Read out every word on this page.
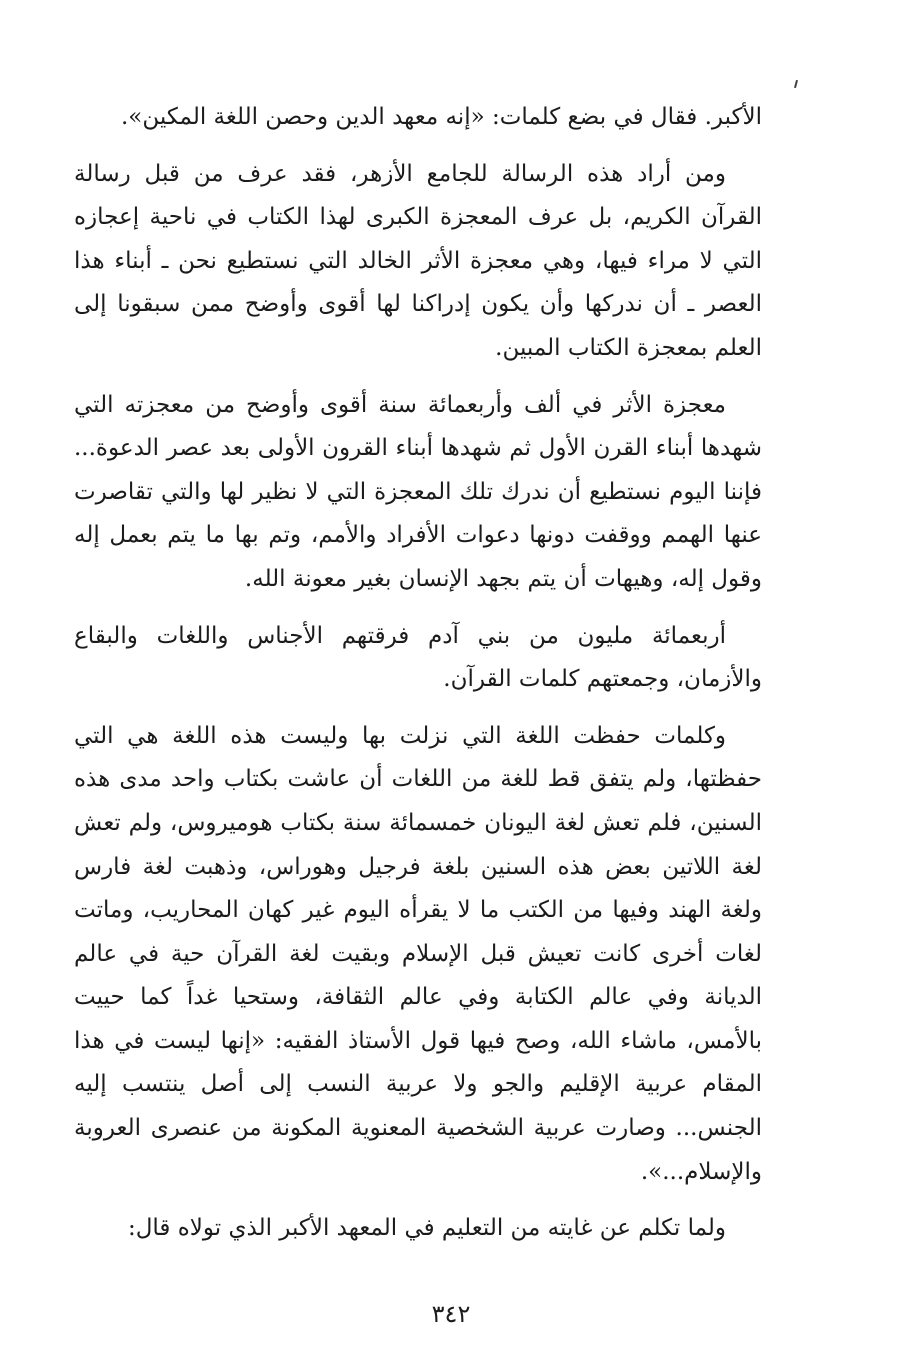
الأكبر. فقال في بضع كلمات: «إنه معهد الدين وحصن اللغة المكين».

ومن أراد هذه الرسالة للجامع الأزهر، فقد عرف من قبل رسالة القرآن الكريم، بل عرف المعجزة الكبرى لهذا الكتاب في ناحية إعجازه التي لا مراء فيها، وهي معجزة الأثر الخالد التي نستطيع نحن ـ أبناء هذا العصر ـ أن ندركها وأن يكون إدراكنا لها أقوى وأوضح ممن سبقونا إلى العلم بمعجزة الكتاب المبين.

معجزة الأثر في ألف وأربعمائة سنة أقوى وأوضح من معجزته التي شهدها أبناء القرن الأول ثم شهدها أبناء القرون الأولى بعد عصر الدعوة... فإننا اليوم نستطيع أن ندرك تلك المعجزة التي لا نظير لها والتي تقاصرت عنها الهمم ووقفت دونها دعوات الأفراد والأمم، وتم بها ما يتم بعمل إله وقول إله، وهيهات أن يتم بجهد الإنسان بغير معونة الله.

أربعمائة مليون من بني آدم فرقتهم الأجناس واللغات والبقاع والأزمان، وجمعتهم كلمات القرآن.

وكلمات حفظت اللغة التي نزلت بها وليست هذه اللغة هي التي حفظتها، ولم يتفق قط للغة من اللغات أن عاشت بكتاب واحد مدى هذه السنين، فلم تعش لغة اليونان خمسمائة سنة بكتاب هوميروس، ولم تعش لغة اللاتين بعض هذه السنين بلغة فرجيل وهوراس، وذهبت لغة فارس ولغة الهند وفيها من الكتب ما لا يقرأه اليوم غير كهان المحاريب، وماتت لغات أخرى كانت تعيش قبل الإسلام وبقيت لغة القرآن حية في عالم الديانة وفي عالم الكتابة وفي عالم الثقافة، وستحيا غداً كما حييت بالأمس، ماشاء الله، وصح فيها قول الأستاذ الفقيه: «إنها ليست في هذا المقام عربية الإقليم والجو ولا عربية النسب إلى أصل ينتسب إليه الجنس... وصارت عربية الشخصية المعنوية المكونة من عنصرى العروبة والإسلام...».

ولما تكلم عن غايته من التعليم في المعهد الأكبر الذي تولاه قال:

٣٤٢
